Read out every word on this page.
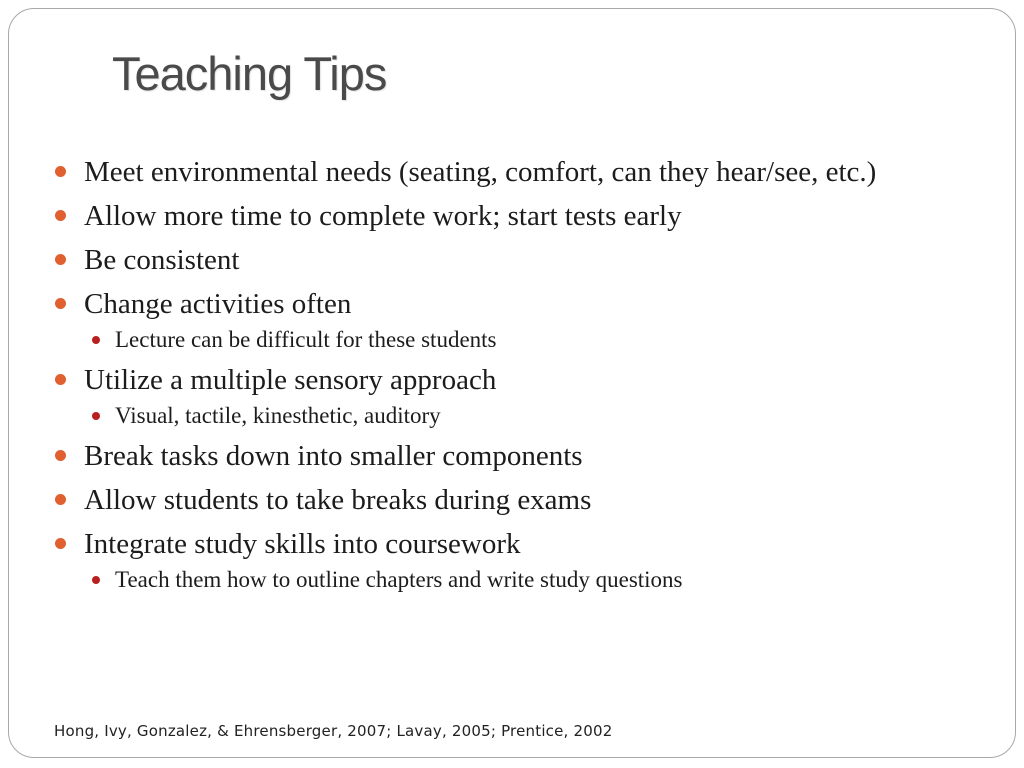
Teaching Tips
Meet environmental needs (seating, comfort, can they hear/see, etc.)
Allow more time to complete work; start tests early
Be consistent
Change activities often
Lecture can be difficult for these students
Utilize a multiple sensory approach
Visual, tactile, kinesthetic, auditory
Break tasks down into smaller components
Allow students to take breaks during exams
Integrate study skills into coursework
Teach them how to outline chapters and write study questions
Hong, Ivy, Gonzalez, & Ehrensberger, 2007; Lavay, 2005; Prentice, 2002
